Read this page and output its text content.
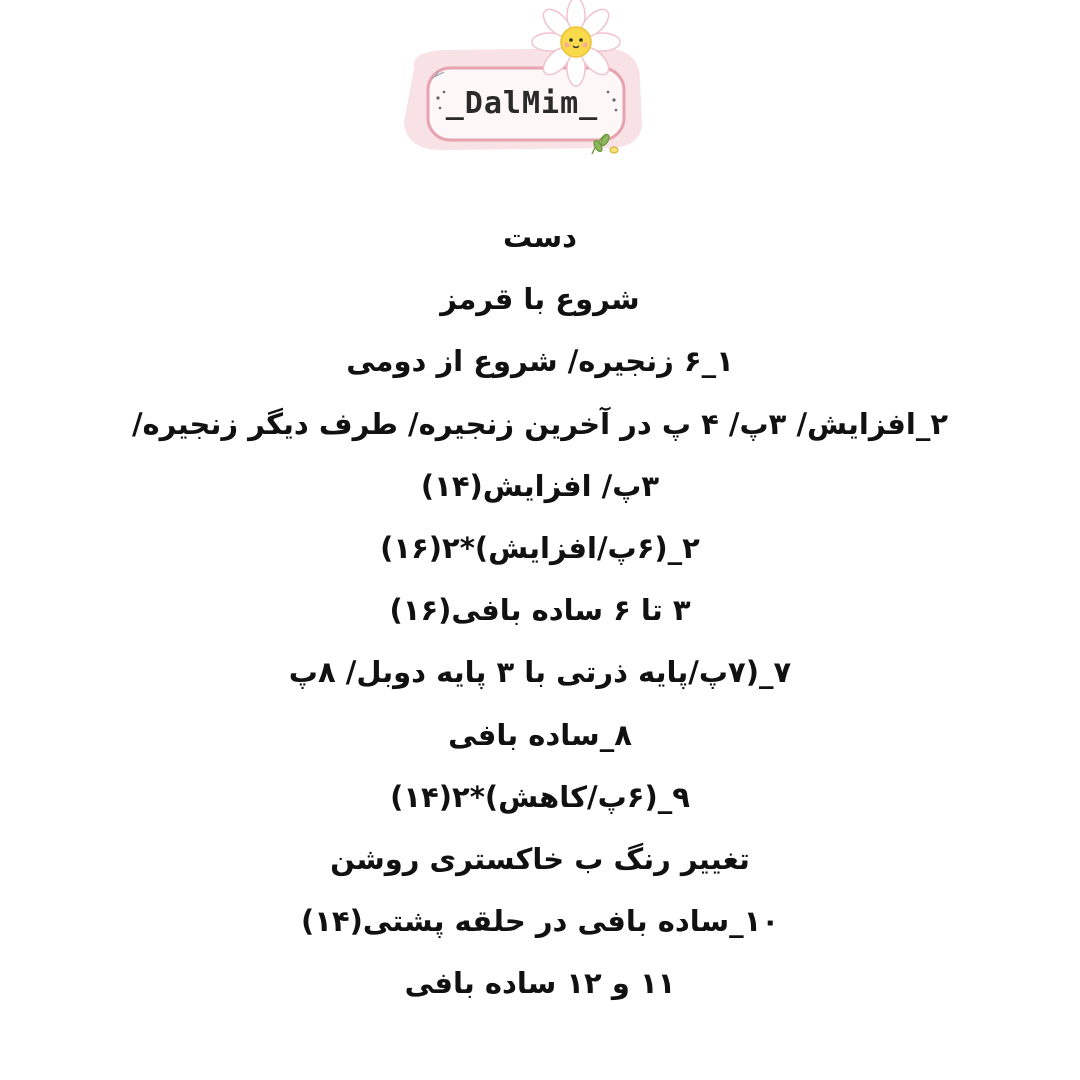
_DalMim_
دست
شروع با قرمز
۱_۶ زنجیره/ شروع از دومی
۲_افزایش/ ۳پ/ ۴ پ در آخرین زنجیره/ طرف دیگر زنجیره/
۳پ/ افزایش(۱۴)
۲_(۶پ/افزایش)*۲(۱۶)
۳ تا ۶ ساده بافی(۱۶)
۷_(۷پ/پایه ذرتی با ۳ پایه دوبل/ ۸پ
۸_ساده بافی
۹_(۶پ/کاهش)*۲(۱۴)
تغییر رنگ ب خاکستری روشن
۱۰_ساده بافی در حلقه پشتی(۱۴)
۱۱ و ۱۲ ساده بافی
